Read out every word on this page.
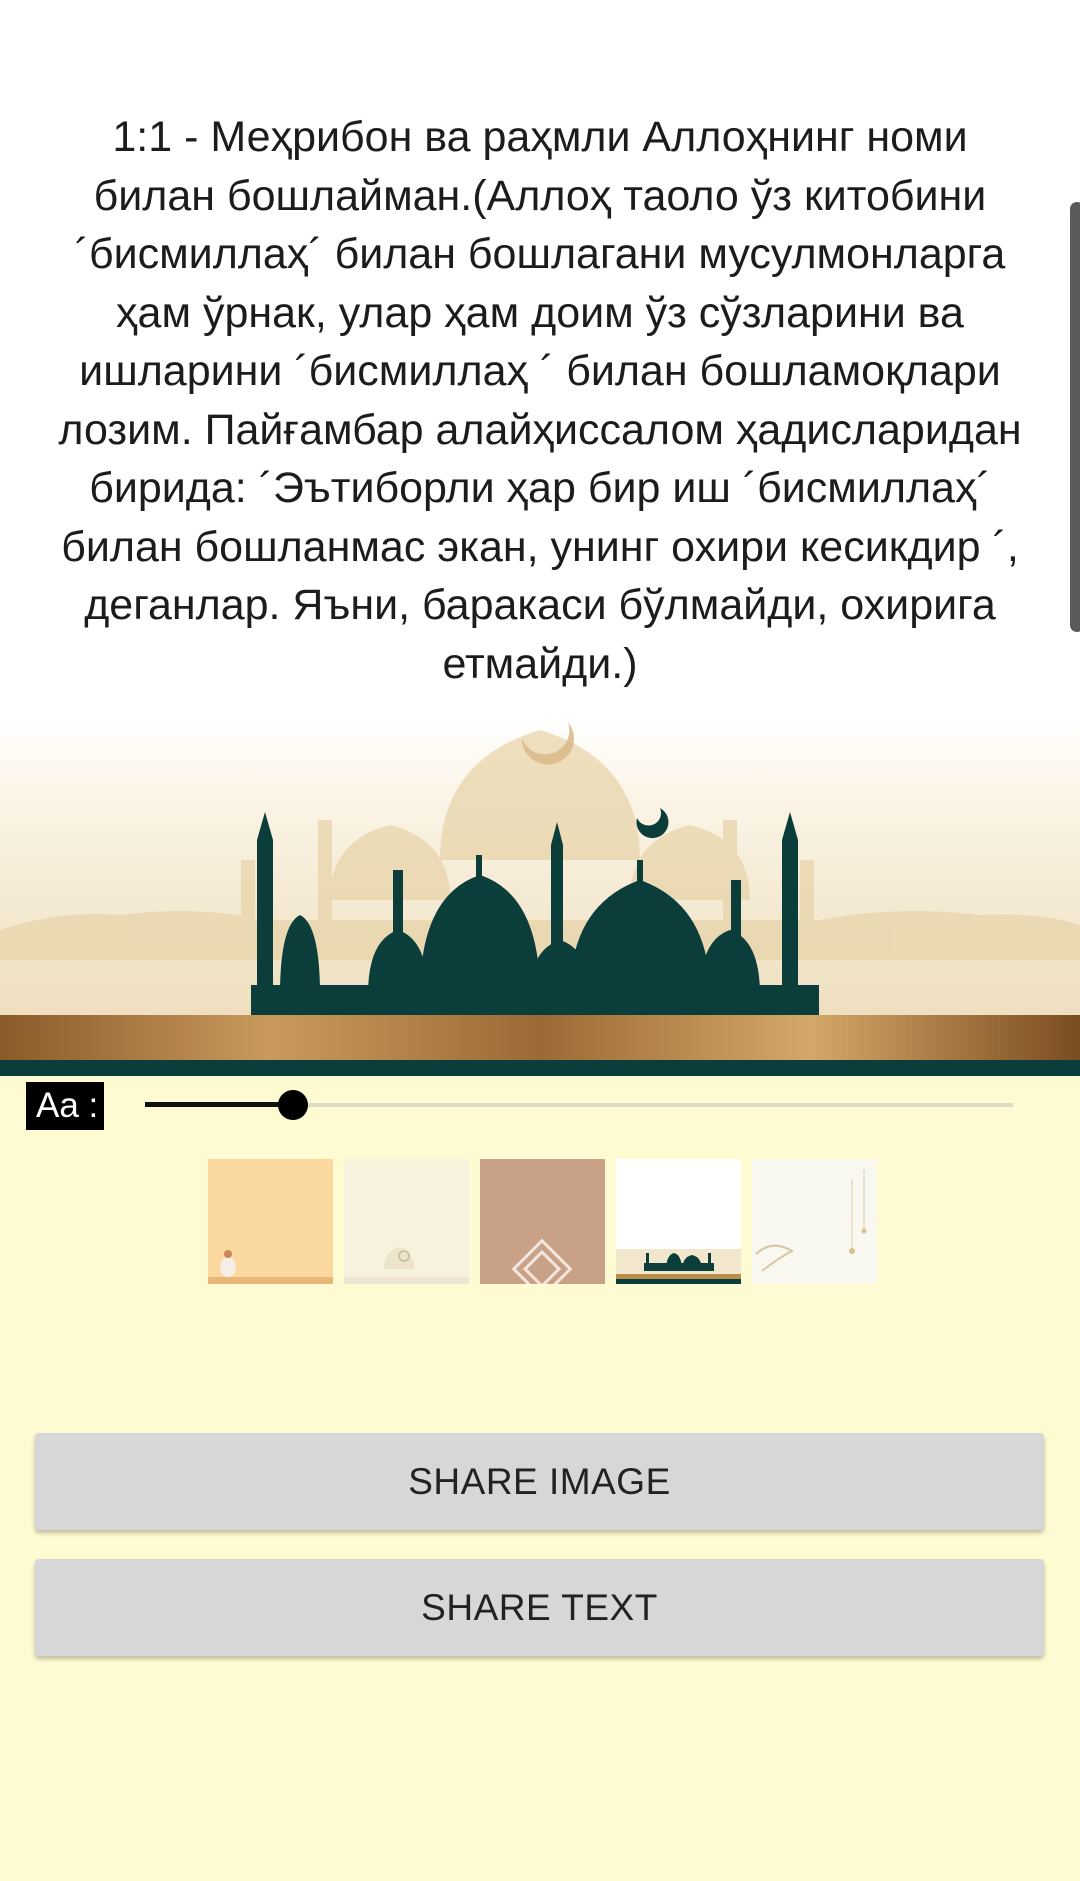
1:1 - Меҳрибон ва раҳмли Аллоҳнинг номи билан бошлайман.(Аллоҳ таоло ўз китобини ´бисмиллаҳ´ билан бошлагани мусулмонларга ҳам ўрнак, улар ҳам доим ўз сўзларини ва ишларини ´бисмиллаҳ ´ билан бошламоқлари лозим. Пайғамбар алайҳиссалом ҳадисларидан бирида: ´Эътиборли ҳар бир иш ´бисмиллаҳ´ билан бошланмас экан, унинг охири кесикдир ´, деганлар. Яъни, баракаси бўлмайди, охирига етмайди.)

Aa :
SHARE IMAGE
SHARE TEXT
